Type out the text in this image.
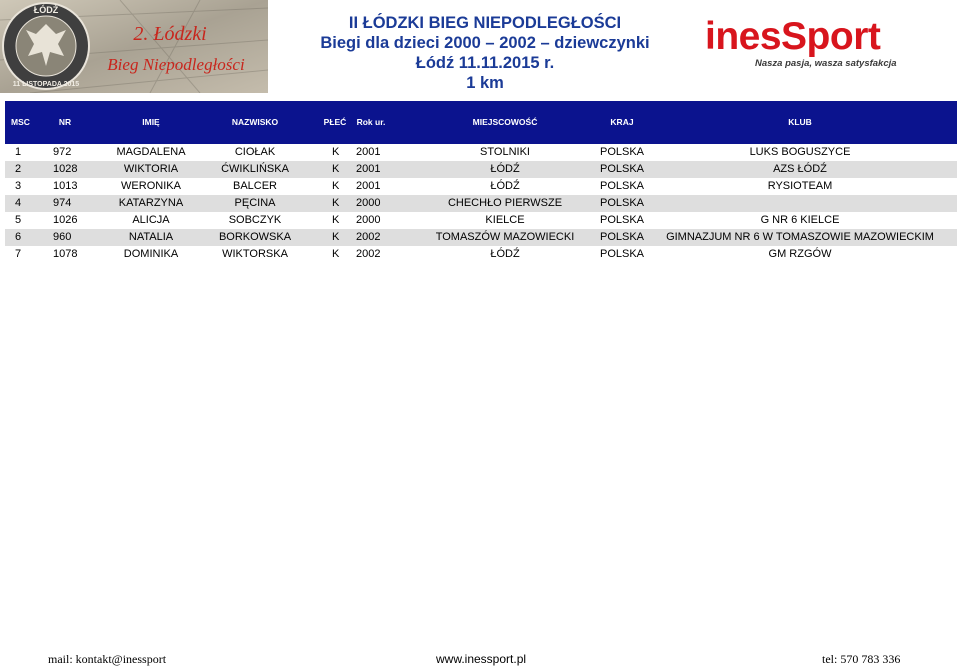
ŁÓDŹ
11 LISTOPADA 2015
2. Łódzki
Bieg Niepodległości
II ŁÓDZKI BIEG NIEPODLEGŁOŚCI
Biegi dla dzieci 2000 – 2002 – dziewczynki
Łódź 11.11.2015 r.
1 km
inesSport
Nasza pasja, wasza satysfakcja
MSC	NR	IMIĘ	NAZWISKO	PŁEĆ	Rok ur.	MIEJSCOWOŚĆ	KRAJ	KLUB
1	972	MAGDALENA	CIOŁAK	K	2001	STOLNIKI	POLSKA	LUKS BOGUSZYCE
2	1028	WIKTORIA	ĆWIKLIŃSKA	K	2001	ŁÓDŹ	POLSKA	AZS ŁÓDŹ
3	1013	WERONIKA	BALCER	K	2001	ŁÓDŹ	POLSKA	RYSIOTEAM
4	974	KATARZYNA	PĘCINA	K	2000	CHECHŁO PIERWSZE	POLSKA
5	1026	ALICJA	SOBCZYK	K	2000	KIELCE	POLSKA	G NR 6 KIELCE
6	960	NATALIA	BORKOWSKA	K	2002	TOMASZÓW MAZOWIECKI	POLSKA	GIMNAZJUM NR 6 W TOMASZOWIE MAZOWIECKIM
7	1078	DOMINIKA	WIKTORSKA	K	2002	ŁÓDŹ	POLSKA	GM RZGÓW
mail: kontakt@inessport	www.inessport.pl	tel: 570 783 336
